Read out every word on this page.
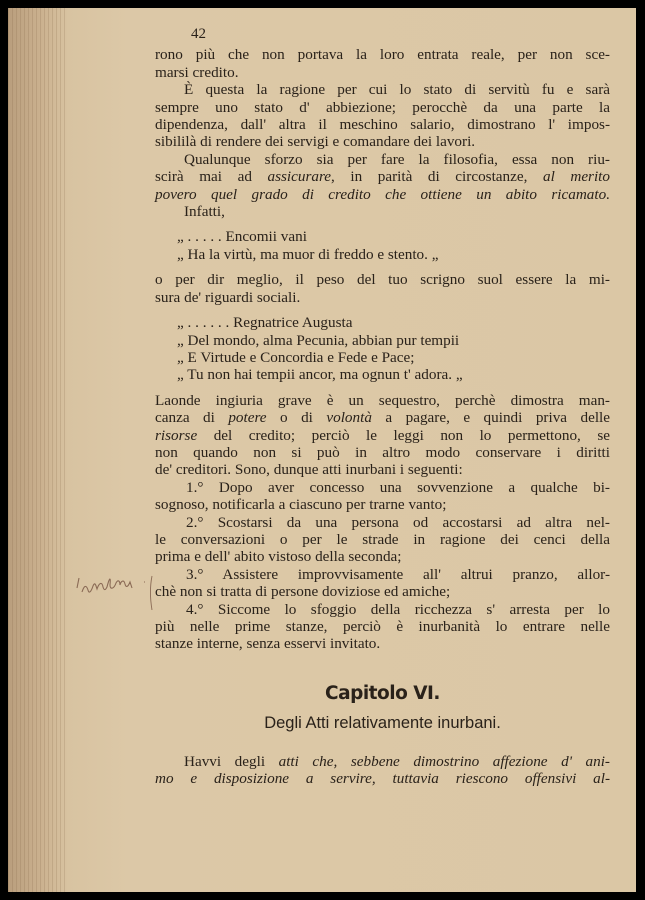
42
rono più che non portava la loro entrata reale, per non sce-
marsi credito.
È questa la ragione per cui lo stato di servitù fu e sarà
sempre uno stato d' abbiezione; perocchè da una parte la
dipendenza, dall' altra il meschino salario, dimostrano l' impos-
sibililà di rendere dei servigi e comandare dei lavori.
Qualunque sforzo sia per fare la filosofia, essa non riu-
scirà mai ad assicurare, in parità di circostanze, al merito
povero quel grado di credito che ottiene un abito ricamato.
Infatti,
„ . . . . . Encomii vani
„ Ha la virtù, ma muor di freddo e stento. „
o per dir meglio, il peso del tuo scrigno suol essere la mi-
sura de' riguardi sociali.
„ . . . . . . Regnatrice Augusta
„ Del mondo, alma Pecunia, abbian pur tempii
„ E Virtude e Concordia e Fede e Pace;
„ Tu non hai tempii ancor, ma ognun t' adora. „
Laonde ingiuria grave è un sequestro, perchè dimostra man-
canza di potere o di volontà a pagare, e quindi priva delle
risorse del credito; perciò le leggi non lo permettono, se
non quando non si può in altro modo conservare i diritti
de' creditori. Sono, dunque atti inurbani i seguenti:
1.° Dopo aver concesso una sovvenzione a qualche bi-
sognoso, notificarla a ciascuno per trarne vanto;
2.° Scostarsi da una persona od accostarsi ad altra nel-
le conversazioni o per le strade in ragione dei cenci della
prima e dell' abito vistoso della seconda;
3.° Assistere improvvisamente all' altrui pranzo, allor-
chè non si tratta di persone doviziose ed amiche;
4.° Siccome lo sfoggio della ricchezza s' arresta per lo
più nelle prime stanze, perciò è inurbanità lo entrare nelle
stanze interne, senza esservi invitato.
Capitolo VI.
Degli Atti relativamente inurbani.
Havvi degli atti che, sebbene dimostrino affezione d' ani-
mo e disposizione a servire, tuttavia riescono offensivi al-
